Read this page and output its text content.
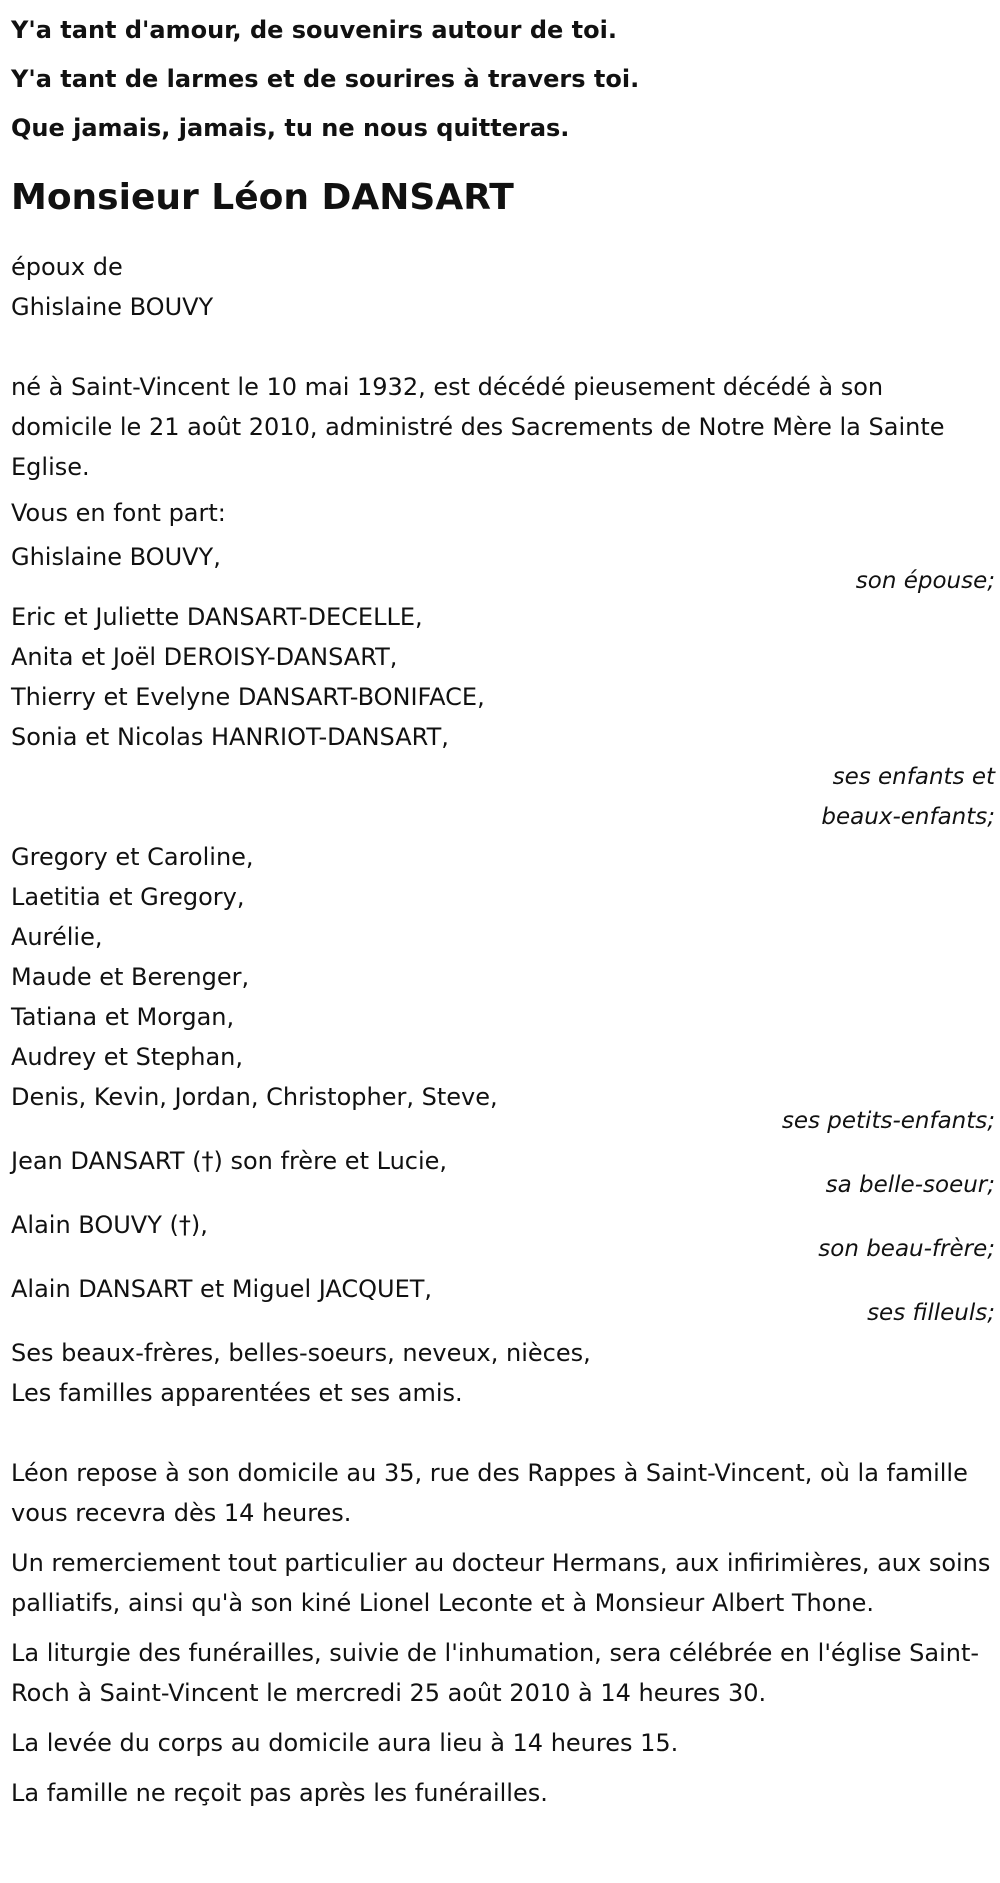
Y'a tant d'amour, de souvenirs autour de toi.
Y'a tant de larmes et de sourires à travers toi.
Que jamais, jamais, tu ne nous quitteras.
Monsieur Léon DANSART
époux de
Ghislaine BOUVY
né à Saint-Vincent le 10 mai 1932, est décédé pieusement décédé à son domicile le 21 août 2010, administré des Sacrements de Notre Mère la Sainte Eglise.
Vous en font part:
Ghislaine BOUVY,
son épouse;
Eric et Juliette DANSART-DECELLE,
Anita et Joël DEROISY-DANSART,
Thierry et Evelyne DANSART-BONIFACE,
Sonia et Nicolas HANRIOT-DANSART,
ses enfants et
beaux-enfants;
Gregory et Caroline,
Laetitia et Gregory,
Aurélie,
Maude et Berenger,
Tatiana et Morgan,
Audrey et Stephan,
Denis, Kevin, Jordan, Christopher, Steve,
ses petits-enfants;
Jean DANSART (†) son frère et Lucie,
sa belle-soeur;
Alain BOUVY (†),
son beau-frère;
Alain DANSART et Miguel JACQUET,
ses filleuls;
Ses beaux-frères, belles-soeurs, neveux, nièces,
Les familles apparentées et ses amis.
Léon repose à son domicile au 35, rue des Rappes à Saint-Vincent, où la famille vous recevra dès 14 heures.
Un remerciement tout particulier au docteur Hermans, aux infirimières, aux soins palliatifs, ainsi qu'à son kiné Lionel Leconte et à Monsieur Albert Thone.
La liturgie des funérailles, suivie de l'inhumation, sera célébrée en l'église Saint-Roch à Saint-Vincent le mercredi 25 août 2010 à 14 heures 30.
La levée du corps au domicile aura lieu à 14 heures 15.
La famille ne reçoit pas après les funérailles.
